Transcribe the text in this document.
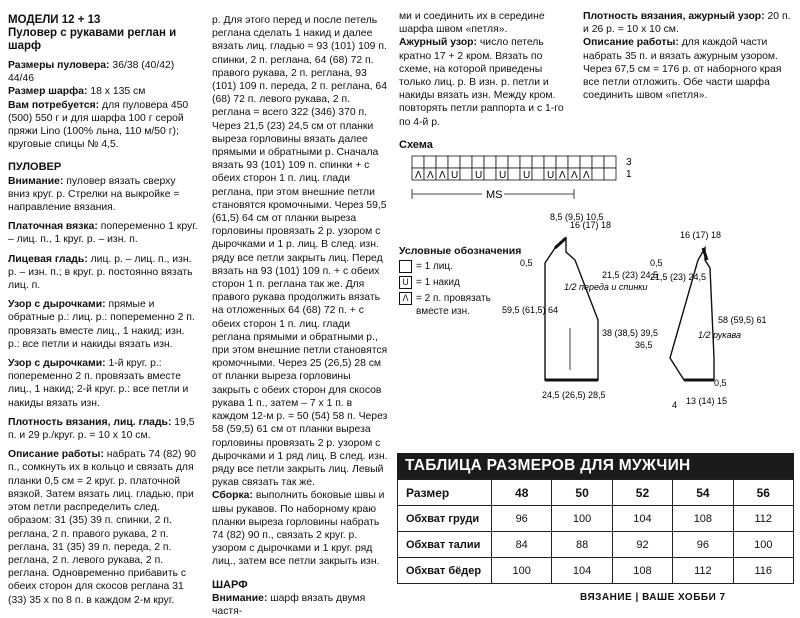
МОДЕЛИ 12 + 13

Пуловер с рукавами реглан и шарф

Размеры пуловера: 36/38 (40/42) 44/46

Размер шарфа: 18 x 135 см

Вам потребуется: для пуловера 450 (500) 550 г и для шарфа 100 г серой пряжи Lino (100% льна, 110 м/50 г); круговые спицы № 4,5.

ПУЛОВЕР

Внимание: пуловер вязать сверху вниз круг. р. Стрелки на выкройке = направление вязания.

Платочная вязка: попеременно 1 круг. – лиц. п., 1 круг. р. – изн. п.

Лицевая гладь: лиц. р. – лиц. п., изн. р. – изн. п.; в круг. р. постоянно вязать лиц. п.

Узор с дырочками: прямые и обратные р.: лиц. р.: попеременно 2 п. провязать вместе лиц., 1 накид; изн. р.: все петли и накиды вязать изн.

Узор с дырочками: 1-й круг. р.: попеременно 2 п. провязать вместе лиц., 1 накид; 2-й круг. р.: все петли и накиды вязать изн.

Плотность вязания, лиц. гладь: 19,5 п. и 29 р./круг. р. = 10 x 10 см.

Описание работы: набрать 74 (82) 90 п., сомкнуть их в кольцо и связать для планки 0,5 см = 2 круг. р. платочной вязкой. Затем вязать лиц. гладью, при этом петли распределить след. образом: 31 (35) 39 п. спинки, 2 п. реглана, 2 п. правого рукава, 2 п. реглана, 31 (35) 39 п. переда, 2 п. реглана, 2 п. левого рукава, 2 п. реглана. Одновременно прибавить с обеих сторон для скосов реглана 31 (33) 35 x по 8 п. в каждом 2-м круг.

р. Для этого перед и после петель реглана сделать 1 накид и далее вязать лиц. гладью = 93 (101) 109 п. спинки, 2 п. реглана, 64 (68) 72 п. правого рукава, 2 п. реглана, 93 (101) 109 п. переда, 2 п. реглана, 64 (68) 72 п. левого рукава, 2 п. реглана = всего 322 (346) 370 п. Через 21,5 (23) 24,5 см от планки выреза горловины вязать далее прямыми и обратными р. Сначала вязать 93 (101) 109 п. спинки + с обеих сторон 1 п. лиц. глади реглана, при этом внешние петли становятся кромочными. Через 59,5 (61,5) 64 см от планки выреза горловины провязать 2 р. узором с дырочками и 1 р. лиц. В след. изн. ряду все петли закрыть лиц. Перед вязать на 93 (101) 109 п. + с обеих сторон 1 п. реглана так же. Для правого рукава продолжить вязать на отложенных 64 (68) 72 п. + с обеих сторон 1 п. лиц. глади реглана прямыми и обратными р., при этом внешние петли становятся кромочными. Через 25 (26,5) 28 см от планки выреза горловины закрыть с обеих сторон для скосов рукава 1 п., затем – 7 x 1 п. в каждом 12-м р. = 50 (54) 58 п. Через 58 (59,5) 61 см от планки выреза горловины провязать 2 р. узором с дырочками и 1 ряд лиц. В след. изн. ряду все петли закрыть лиц. Левый рукав связать так же.

Сборка: выполнить боковые швы и швы рукавов. По наборному краю планки выреза горловины набрать 74 (82) 90 п., связать 2 круг. р. узором с дырочками и 1 круг. ряд лиц., затем все петли закрыть изн.

ШАРФ

Внимание: шарф вязать двумя частя-

ми и соединить их в середине шарфа швом «петля».

Ажурный узор: число петель кратно 17 + 2 кром. Вязать по схеме, на которой приведены только лиц. р. В изн. р. петли и накиды вязать изн. Между кром. повторять петли раппорта и с 1-го по 4-й р.

Плотность вязания, ажурный узор: 20 п. и 26 р. = 10 x 10 см.

Описание работы: для каждой части набрать 35 п. и вязать ажурным узором. Через 67,5 см = 176 р. от наборного края все петли отложить. Обе части шарфа соединить швом «петля».

Схема
Λ Λ Λ U U U U U Λ Λ Λ
3
1
MS
Условные обозначения
= 1 лиц.
U = 1 накид
Λ = 2 п. провязать вместе изн.
1/2 переда и спинки
8,5 (9,5) 10,5
16 (17) 18
0,5
21,5 (23) 24,5
59,5 (61,5) 64
38 (38,5) 39,5
24,5 (26,5) 28,5
16 (17) 18
0,5
21,5 (23) 24,5
36,5
58 (59,5) 61
4 13 (14) 15
0,5
1/2 рукава
ТАБЛИЦА РАЗМЕРОВ ДЛЯ МУЖЧИН
Размер	48	50	52	54	56
Обхват груди	96	100	104	108	112
Обхват талии	84	88	92	96	100
Обхват бёдер	100	104	108	112	116
ВЯЗАНИЕ | ВАШЕ ХОББИ 7
